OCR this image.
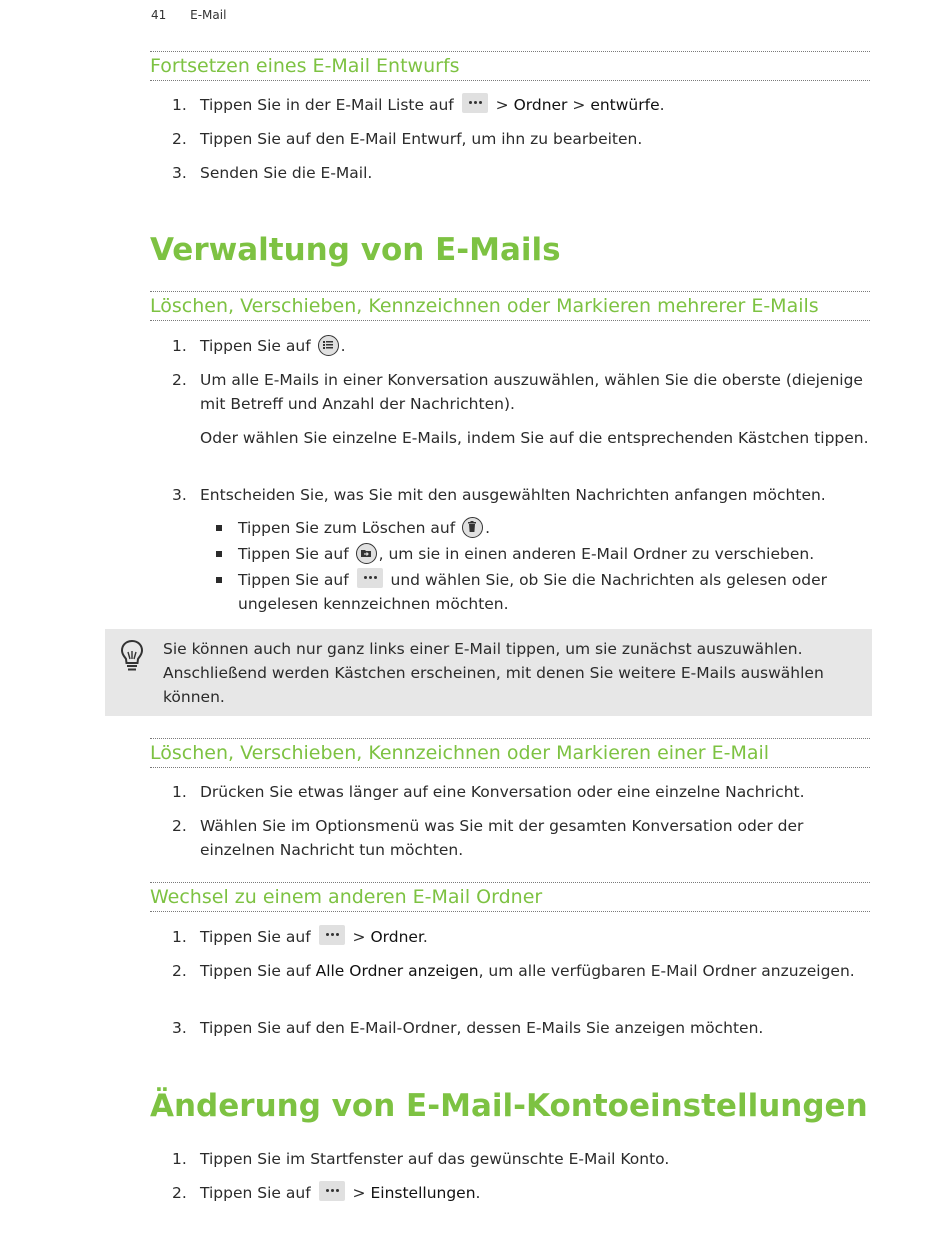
41 E-Mail
Fortsetzen eines E-Mail Entwurfs
1. Tippen Sie in der E-Mail Liste auf	> Ordner > entwürfe.
2. Tippen Sie auf den E-Mail Entwurf, um ihn zu bearbeiten.
3. Senden Sie die E-Mail.
Verwaltung von E-Mails
Löschen, Verschieben, Kennzeichnen oder Markieren mehrerer E-Mails
1. Tippen Sie auf .
2. Um alle E-Mails in einer Konversation auszuwählen, wählen Sie die oberste (diejenige mit Betreff und Anzahl der Nachrichten).
Oder wählen Sie einzelne E-Mails, indem Sie auf die entsprechenden Kästchen tippen.
3. Entscheiden Sie, was Sie mit den ausgewählten Nachrichten anfangen möchten.
Tippen Sie zum Löschen auf .
Tippen Sie auf , um sie in einen anderen E-Mail Ordner zu verschieben.
Tippen Sie auf	und wählen Sie, ob Sie die Nachrichten als gelesen oder ungelesen kennzeichnen möchten.
Sie können auch nur ganz links einer E-Mail tippen, um sie zunächst auszuwählen. Anschließend werden Kästchen erscheinen, mit denen Sie weitere E-Mails auswählen können.
Löschen, Verschieben, Kennzeichnen oder Markieren einer E-Mail
1. Drücken Sie etwas länger auf eine Konversation oder eine einzelne Nachricht.
2. Wählen Sie im Optionsmenü was Sie mit der gesamten Konversation oder der einzelnen Nachricht tun möchten.
Wechsel zu einem anderen E-Mail Ordner
1. Tippen Sie auf	> Ordner.
2. Tippen Sie auf Alle Ordner anzeigen, um alle verfügbaren E-Mail Ordner anzuzeigen.
3. Tippen Sie auf den E-Mail-Ordner, dessen E-Mails Sie anzeigen möchten.
Änderung von E-Mail-Kontoeinstellungen
1. Tippen Sie im Startfenster auf das gewünschte E-Mail Konto.
2. Tippen Sie auf	> Einstellungen.
